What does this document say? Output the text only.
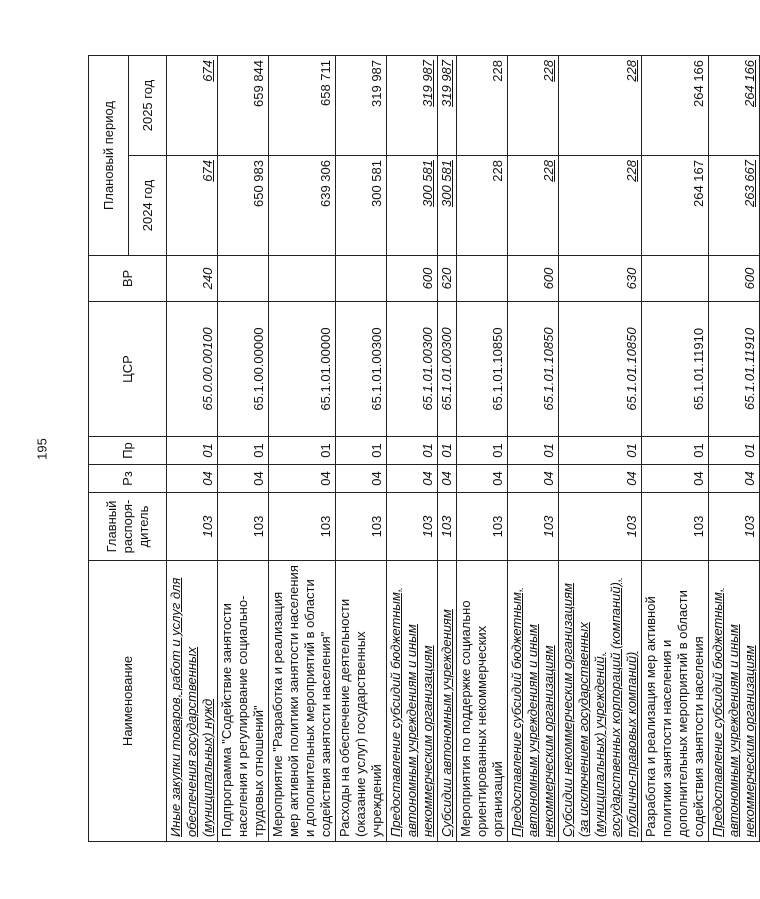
195
Наименование	Главный распоря-дитель	Рз	Пр	ЦСР	ВР	Плановый период	
						2024 год	2025 год
Иные закупки товаров, работ и услуг для обеспечения государственных (муниципальных) нужд	103	04	01	65.0.00.00100	240	674	674
Подпрограмма "Содействие занятости населения и регулирование социально-трудовых отношений"	103	04	01	65.1.00.00000		650 983	659 844
Мероприятие "Разработка и реализация мер активной политики занятости населения и дополнительных мероприятий в области содействия занятости населения"	103	04	01	65.1.01.00000		639 306	658 711
Расходы на обеспечение деятельности (оказание услуг) государственных учреждений	103	04	01	65.1.01.00300		300 581	319 987
Предоставление субсидий бюджетным, автономным учреждениям и иным некоммерческим организациям	103	04	01	65.1.01.00300	600	300 581	319 987
Субсидии автономным учреждениям	103	04	01	65.1.01.00300	620	300 581	319 987
Мероприятия по поддержке социально ориентированных некоммерческих организаций	103	04	01	65.1.01.10850		228	228
Предоставление субсидий бюджетным, автономным учреждениям и иным некоммерческим организациям	103	04	01	65.1.01.10850	600	228	228
Субсидии некоммерческим организациям (за исключением государственных (муниципальных) учреждений, государственных корпораций (компаний), публично-правовых компаний)	103	04	01	65.1.01.10850	630	228	228
Разработка и реализация мер активной политики занятости населения и дополнительных мероприятий в области содействия занятости населения	103	04	01	65.1.01.11910		264 167	264 166
Предоставление субсидий бюджетным, автономным учреждениям и иным некоммерческим организациям	103	04	01	65.1.01.11910	600	263 667	264 166
